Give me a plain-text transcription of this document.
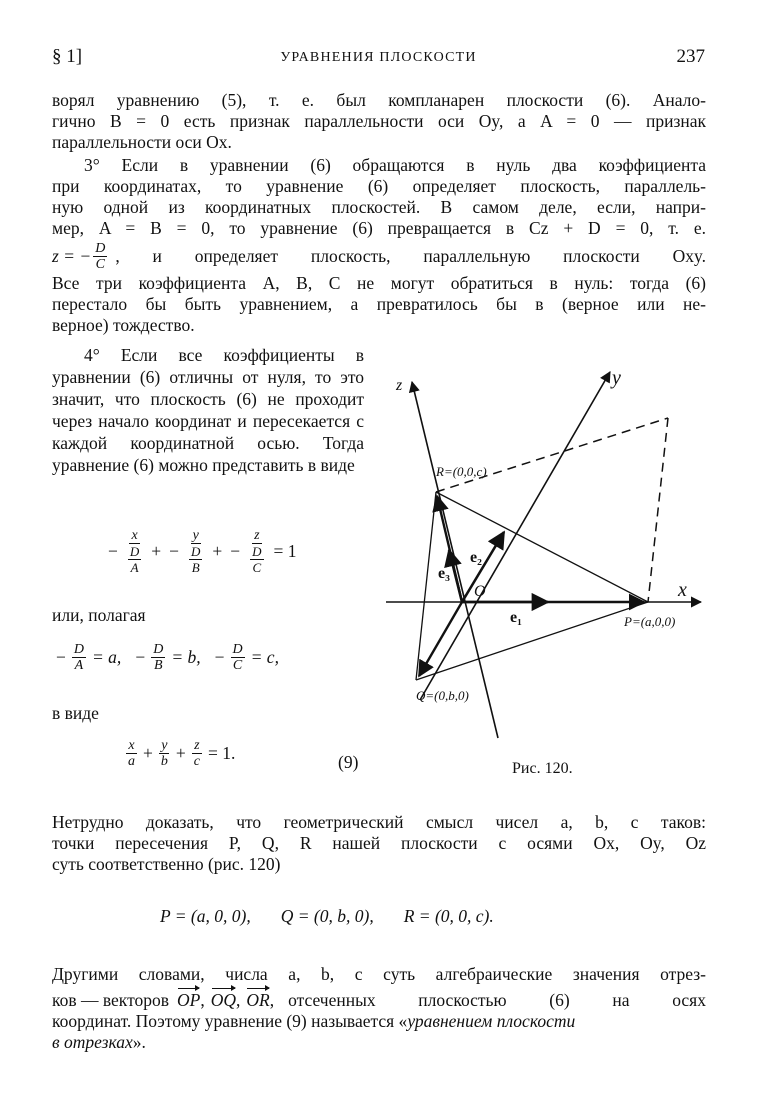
§ 1]	УРАВНЕНИЯ ПЛОСКОСТИ	237

ворял уравнению (5), т. е. был компланарен плоскости (6). Анало-

гично B = 0 есть признак параллельности оси Oy, а A = 0 — признак

параллельности оси Ox.

3° Если в уравнении (6) обращаются в нуль два коэффициента

при координатах, то уравнение (6) определяет плоскость, параллель-

ную одной из координатных плоскостей. В самом деле, если, напри-

мер, A = B = 0, то уравнение (6) превращается в Cz + D = 0, т. е.

z = − $\frac{D}{C}$ , и определяет плоскость, параллельную плоскости Oxy.

Все три коэффициента A, B, C не могут обратиться в нуль: тогда (6)

перестало бы быть уравнением, а превратилось бы в (верное или не-

верное) тождество.

4° Если все коэффициенты в уравнении (6) отличны от нуля, то это значит, что плоскость (6) не проходит через начало координат и пересекается с каждой координатной осью. Тогда уравнение (6) можно представить в виде

− $\frac{x}{\frac{D}{A}}$ + − $\frac{y}{\frac{D}{B}}$ + − $\frac{z}{\frac{D}{C}} = 1$
или, полагая
− $\frac{D}{A} = a$, − $\frac{D}{B} = b$, − $\frac{D}{C} = c$,
в виде
$\frac{x}{a} + \frac{y}{b} + \frac{z}{c} = 1$.	(9)
z	y
x
O
e₁
e₂
e₃
R=(0,0,c)
P=(a,0,0)
Q=(0,b,0)
Рис. 120.

Нетрудно доказать, что геометрический смысл чисел a, b, c таков:

точки пересечения P, Q, R нашей плоскости с осями Ox, Oy, Oz

суть соответственно (рис. 120)

P = (a, 0, 0), Q = (0, b, 0), R = (0, 0, c).

Другими словами, числа a, b, c суть алгебраические значения отрез-

ков — векторов OP , OQ , OR , отсеченных плоскостью (6) на осях

координат. Поэтому уравнение (9) называется « уравнением плоскости

в отрезках».
